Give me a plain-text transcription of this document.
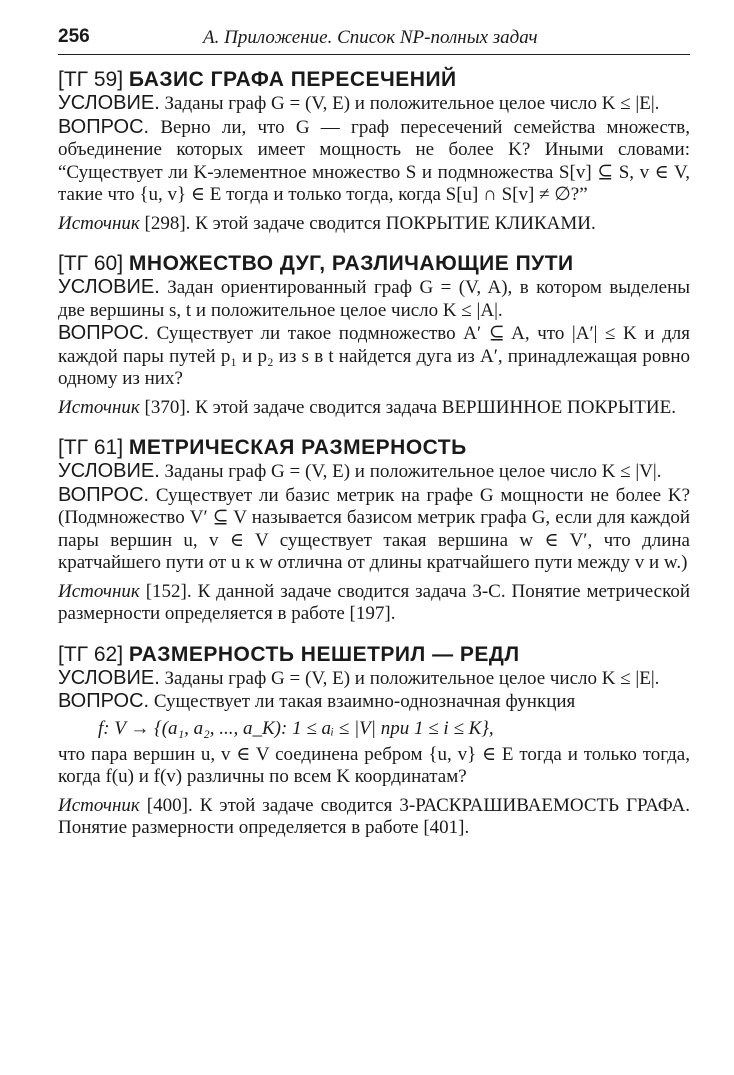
256	А. Приложение. Список NP-полных задач
[ТГ 59] БАЗИС ГРАФА ПЕРЕСЕЧЕНИЙ

УСЛОВИЕ. Заданы граф G = (V, E) и положительное целое число K ≤ |E|.

ВОПРОС. Верно ли, что G — граф пересечений семейства множеств, объединение которых имеет мощность не более K? Иными словами: “Существует ли K-элементное множество S и подмножества S[v] ⊆ S, v ∈ V, такие что {u, v} ∈ E тогда и только тогда, когда S[u] ∩ S[v] ≠ ∅?”

Источник [298]. К этой задаче сводится ПОКРЫТИЕ КЛИКАМИ.

[ТГ 60] МНОЖЕСТВО ДУГ, РАЗЛИЧАЮЩИЕ ПУТИ

УСЛОВИЕ. Задан ориентированный граф G = (V, A), в котором выделены две вершины s, t и положительное целое число K ≤ |A|.

ВОПРОС. Существует ли такое подмножество A′ ⊆ A, что |A′| ≤ K и для каждой пары путей p₁ и p₂ из s в t найдется дуга из A′, принадлежащая ровно одному из них?

Источник [370]. К этой задаче сводится задача ВЕРШИННОЕ ПОКРЫТИЕ.

[ТГ 61] МЕТРИЧЕСКАЯ РАЗМЕРНОСТЬ

УСЛОВИЕ. Заданы граф G = (V, E) и положительное целое число K ≤ |V|.

ВОПРОС. Существует ли базис метрик на графе G мощности не более K? (Подмножество V′ ⊆ V называется базисом метрик графа G, если для каждой пары вершин u, v ∈ V существует такая вершина w ∈ V′, что длина кратчайшего пути от u к w отлична от длины кратчайшего пути между v и w.)

Источник [152]. К данной задаче сводится задача 3-С. Понятие метрической размерности определяется в работе [197].

[ТГ 62] РАЗМЕРНОСТЬ НЕШЕТРИЛ — РЕДЛ

УСЛОВИЕ. Заданы граф G = (V, E) и положительное целое число K ≤ |E|.

ВОПРОС. Существует ли такая взаимно-однозначная функция

f: V → {(a₁, a₂, ..., a_K): 1 ≤ aᵢ ≤ |V| при 1 ≤ i ≤ K},

что пара вершин u, v ∈ V соединена ребром {u, v} ∈ E тогда и только тогда, когда f(u) и f(v) различны по всем K координатам?

Источник [400]. К этой задаче сводится 3-РАСКРАШИВАЕМОСТЬ ГРАФА. Понятие размерности определяется в работе [401].
